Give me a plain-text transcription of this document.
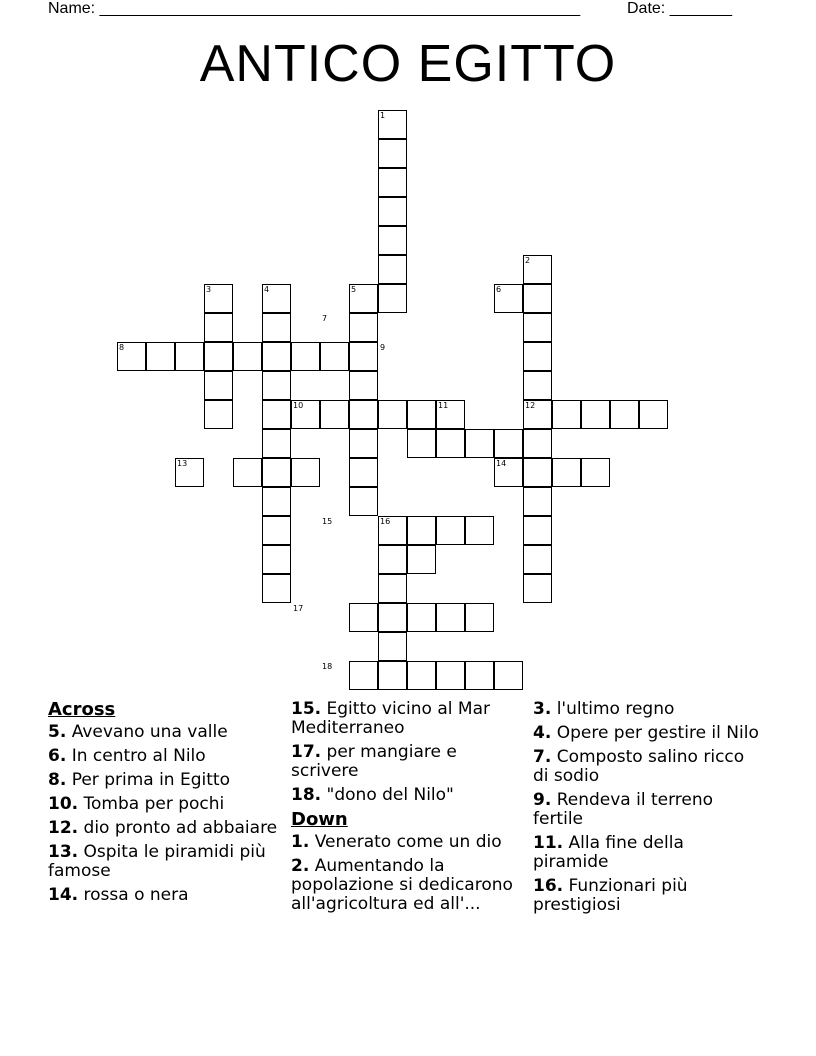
Name: ______________________________________________________	Date: _______
ANTICO EGITTO
1
2
3	4	5	6
7
8	9
10	11	12
13	14
15	16
17
18
Across
5. Avevano una valle
6. In centro al Nilo
8. Per prima in Egitto
10. Tomba per pochi
12. dio pronto ad abbaiare
13. Ospita le piramidi più famose
14. rossa o nera
15. Egitto vicino al Mar Mediterraneo
17. per mangiare e scrivere
18. "dono del Nilo"
Down
1. Venerato come un dio
2. Aumentando la popolazione si dedicarono all'agricoltura ed all'...
3. l'ultimo regno
4. Opere per gestire il Nilo
7. Composto salino ricco di sodio
9. Rendeva il terreno fertile
11. Alla fine della piramide
16. Funzionari più prestigiosi
